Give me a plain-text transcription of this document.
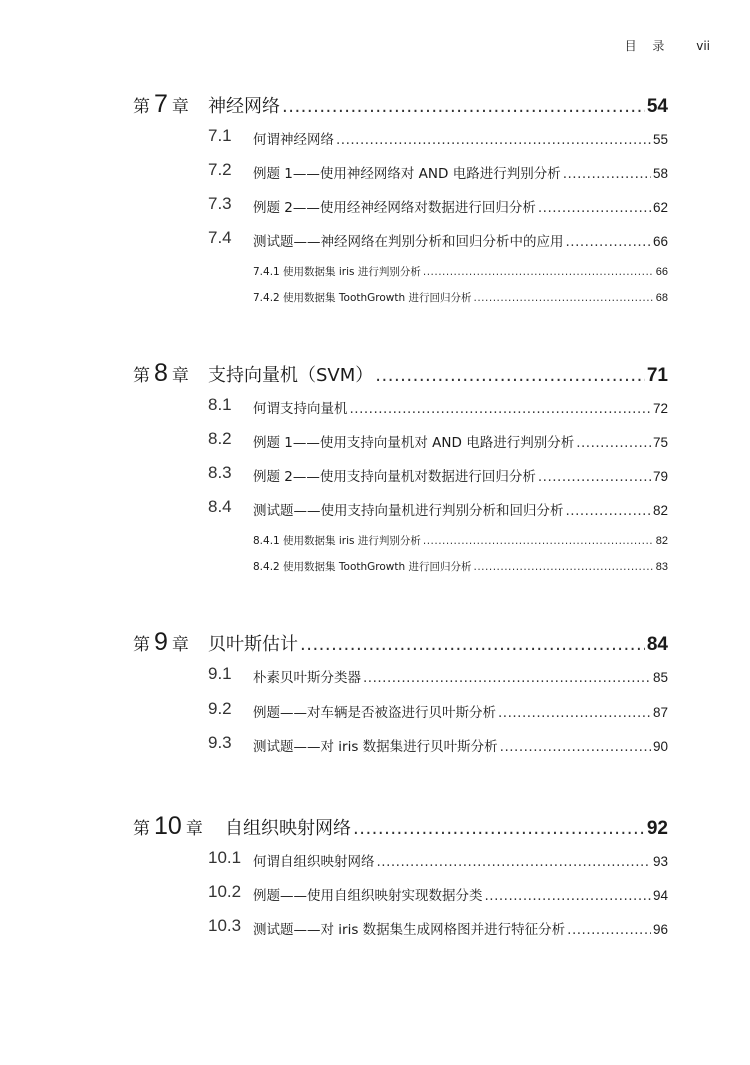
目 录 vii
第 7 章 神经网络 .....	54
7.1 何谓神经网络 .....	55
7.2 例题 1——使用神经网络对 AND 电路进行判别分析 .....	58
7.3 例题 2——使用经神经网络对数据进行回归分析 .....	62
7.4 测试题——神经网络在判别分析和回归分析中的应用 .....	66
7.4.1 使用数据集 iris 进行判别分析 .....	66
7.4.2 使用数据集 ToothGrowth 进行回归分析 .....	68
第 8 章 支持向量机（SVM） .....	71
8.1 何谓支持向量机 .....	72
8.2 例题 1——使用支持向量机对 AND 电路进行判别分析 .....	75
8.3 例题 2——使用支持向量机对数据进行回归分析 .....	79
8.4 测试题——使用支持向量机进行判别分析和回归分析 .....	82
8.4.1 使用数据集 iris 进行判别分析 .....	82
8.4.2 使用数据集 ToothGrowth 进行回归分析 .....	83
第 9 章 贝叶斯估计 .....	84
9.1 朴素贝叶斯分类器 .....	85
9.2 例题——对车辆是否被盗进行贝叶斯分析 .....	87
9.3 测试题——对 iris 数据集进行贝叶斯分析 .....	90
第 10 章 自组织映射网络 .....	92
10.1 何谓自组织映射网络 .....	93
10.2 例题——使用自组织映射实现数据分类 .....	94
10.3 测试题——对 iris 数据集生成网格图并进行特征分析 .....	96
